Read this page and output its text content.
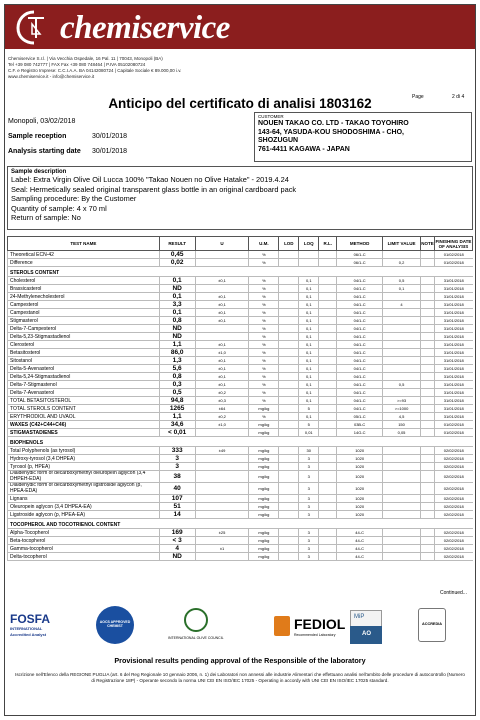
chemiservice
Chemiservice S.r.l. | Via Vecchia Ospedale, 16 Pal. 11 | 70043, Monopoli (BA)
Tel +39 080 742777 | FAX Fax +39 080 748464 | P.IVA 05102080724
C.F. e Registro Imprese: C.C.I.A.A. BA 04142080724 | Capitale Sociale € 89.000,00 i.v.
www.chemiservice.it - info@chemiservice.it
Anticipo del certificato di analisi 1803162	Page	2 di 4
Monopoli, 03/02/2018
Sample reception	30/01/2018
Analysis starting date	30/01/2018
CUSTOMER
NOUEN TAKAO CO. LTD - TAKAO TOYOHIRO
143-64, YASUDA-KOU SHODOSHIMA - CHO,
SHOZUGUN
761-4411 KAGAWA - JAPAN
Sample description
Label: Extra Virgin Olive Oil Lucca 100% "Takao Nouen no Olive Hatake" - 2019.4.24
Seal: Hermetically sealed original transparent glass bottle in an original cardboard pack
Sampling procedure: By the Customer
Quantity of sample: 4 x 70 ml
Return of sample: No
TEST NAME	RESULT	U	U.M.	LOD	LOQ	R.L.	METHOD	LIMIT VALUE	NOTE	FINISHING DATE OF ANALYSIS
Theoretical ECN-42	0,45		%				06/1-C			01/02/2018
Difference	0,02		%				06/1-C	0,2		01/02/2018
STEROLS CONTENT										
Cholesterol	0,1	±0,1	%		0,1		04/1-C	0,5		31/01/2018
Brassicasterol	ND		%		0,1		04/1-C	0,1		31/01/2018
24-Methylenecholesterol	0,1	±0,1	%		0,1		04/1-C			31/01/2018
Campesterol	3,3	±0,1	%		0,1		04/1-C	4		31/01/2018
Campestanol	0,1	±0,1	%		0,1		04/1-C			31/01/2018
Stigmasterol	0,8	±0,1	%		0,1		04/1-C			31/01/2018
Delta-7-Campesterol	ND		%		0,1		04/1-C			31/01/2018
Delta-5,23-Stigmastadienol	ND		%		0,1		04/1-C			31/01/2018
Clerosterol	1,1	±0,1	%		0,1		04/1-C			31/01/2018
Betasitosterol	86,0	±1,0	%		0,1		04/1-C			31/01/2018
Sitostanol	1,3	±0,1	%		0,1		04/1-C			31/01/2018
Delta-5-Avenasterol	5,6	±0,1	%		0,1		04/1-C			31/01/2018
Delta-5,24-Stigmastadienol	0,8	±0,1	%		0,1		04/1-C			31/01/2018
Delta-7-Stigmastenol	0,3	±0,1	%		0,1		04/1-C	0,5		31/01/2018
Delta-7-Avenasterol	0,5	±0,2	%		0,1		04/1-C			31/01/2018
TOTAL BETASITOSTEROL	94,8	±0,3	%		0,1		04/1-C	>=93		31/01/2018
TOTAL STEROLS CONTENT	1265	±64	mg/kg		5		04/1-C	>=1000		31/01/2018
ERYTHRODIOL AND UVAOL	1,1	±0,2	%		0,1		05/1-C	4,5		31/01/2018
WAXES (C42+C44+C46)	34,6	±1,0	mg/kg		5		03B-C	150		01/02/2018
STIGMASTADIENES	< 0,01		mg/kg		0,01		14G-C	0,05		01/02/2018
BIOPHENOLS										
Total Polyphenols (as tyrosol)	333	±49	mg/kg		30		1020			02/02/2018
Hydroxy-tyrosol (3,4 DHPEA)	3		mg/kg		3		1020			02/02/2018
Tyrosol (p, HPEA)	3		mg/kg		3		1020			02/02/2018
Dialdehydic form of decarboxymethyl oleuropein aglycon (3,4 DHPEH-EDA)	38		mg/kg		3		1020			02/02/2018
Dialdehydic form of decarboxymethyl ligstroside aglycon (p, HPEA-EDA)	40		mg/kg		3		1020			02/02/2018
Lignans	107		mg/kg		3		1020			02/02/2018
Oleuropein aglycon (3,4 DHPEA-EA)	51		mg/kg		3		1020			02/02/2018
Ligstroside aglycon (p, HPEA-EA)	14		mg/kg		3		1020			02/02/2018
TOCOPHEROL AND TOCOTRIENOL CONTENT										
Alpha-Tocopherol	169	±25	mg/kg		3		44-C			02/02/2018
Beta-tocopherol	< 3		mg/kg		3		44-C			02/02/2018
Gamma-tocopherol	4	±1	mg/kg		3		44-C			02/02/2018
Delta-tocopherol	ND		mg/kg		3		44-C			02/02/2018
Continued...
FOSFA
INTERNATIONAL
Accredited Analyst
AOCS APPROVED CHEMIST
INTERNATIONAL OLIVE COUNCIL
FEDIOL
Recommended Laboratory
MiP
AO
ACCREDIA
Provisional results pending approval of the Responsible of the laboratory
Iscrizione nell'Elenco della REGIONE PUGLIA (art. 6 del Reg Regionale 10 gennaio 2006, n. 1) dei Laboratori non annessi alle industrie Alimentari che effettuano analisi nell'ambito delle procedure di autocontrollo (Numero di Registrazione 18P) - Operante secondo la norma UNI CEI EN ISO/IEC 17025 - Operating in accordy with UNI CEI EN ISO/IEC 17025 standard.
